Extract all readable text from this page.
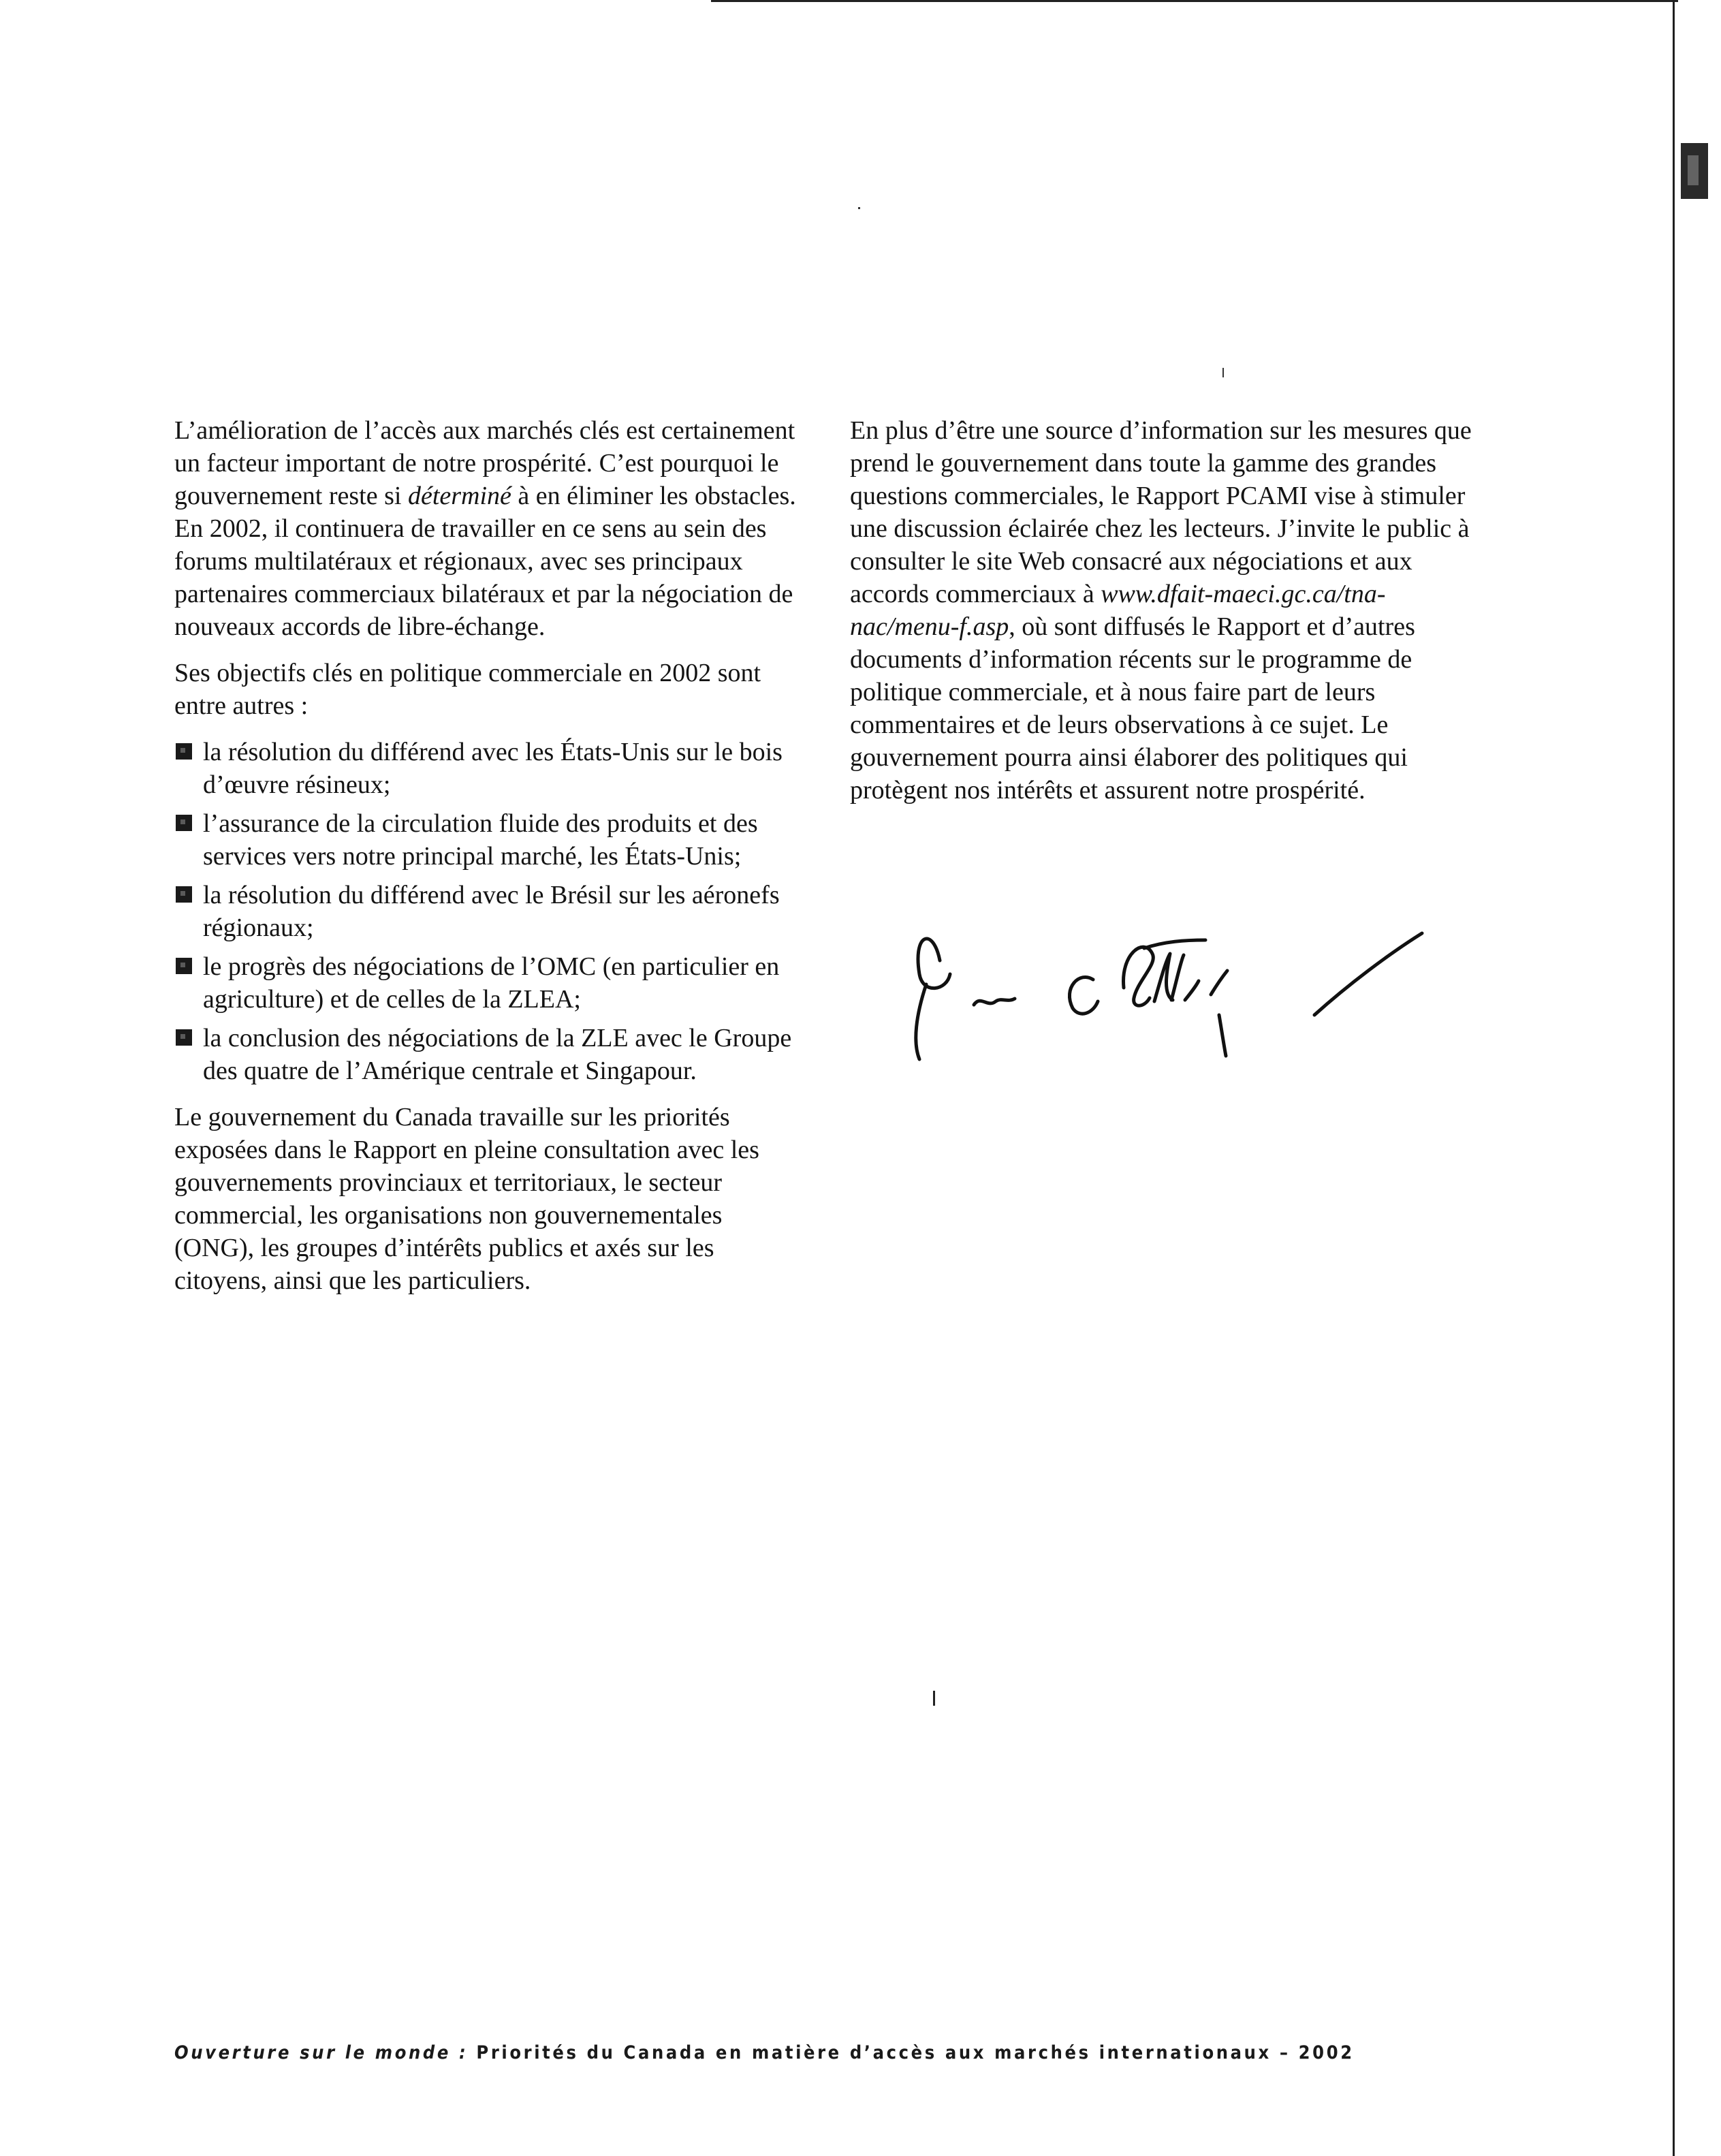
L’amélioration de l’accès aux marchés clés est certainement un facteur important de notre prospérité. C’est pourquoi le gouvernement reste si déterminé à en éliminer les obstacles. En 2002, il continuera de travailler en ce sens au sein des forums multilatéraux et régionaux, avec ses principaux partenaires commerciaux bilatéraux et par la négociation de nouveaux accords de libre-échange.

Ses objectifs clés en politique commerciale en 2002 sont entre autres :

la résolution du différend avec les États-Unis sur le bois d’œuvre résineux;
l’assurance de la circulation fluide des produits et des services vers notre principal marché, les États-Unis;
la résolution du différend avec le Brésil sur les aéronefs régionaux;
le progrès des négociations de l’OMC (en particulier en agriculture) et de celles de la ZLEA;
la conclusion des négociations de la ZLE avec le Groupe des quatre de l’Amérique centrale et Singapour.

Le gouvernement du Canada travaille sur les priorités exposées dans le Rapport en pleine consultation avec les gouvernements provinciaux et territoriaux, le secteur commercial, les organisations non gouvernementales (ONG), les groupes d’intérêts publics et axés sur les citoyens, ainsi que les particuliers.

En plus d’être une source d’information sur les mesures que prend le gouvernement dans toute la gamme des grandes questions commerciales, le Rapport PCAMI vise à stimuler une discussion éclairée chez les lecteurs. J’invite le public à consulter le site Web consacré aux négociations et aux accords commerciaux à www.dfait-maeci.gc.ca/tna-nac/menu-f.asp, où sont diffusés le Rapport et d’autres documents d’information récents sur le programme de politique commerciale, et à nous faire part de leurs commentaires et de leurs observations à ce sujet. Le gouvernement pourra ainsi élaborer des politiques qui protègent nos intérêts et assurent notre prospérité.

Ouverture sur le monde : Priorités du Canada en matière d’accès aux marchés internationaux – 2002
